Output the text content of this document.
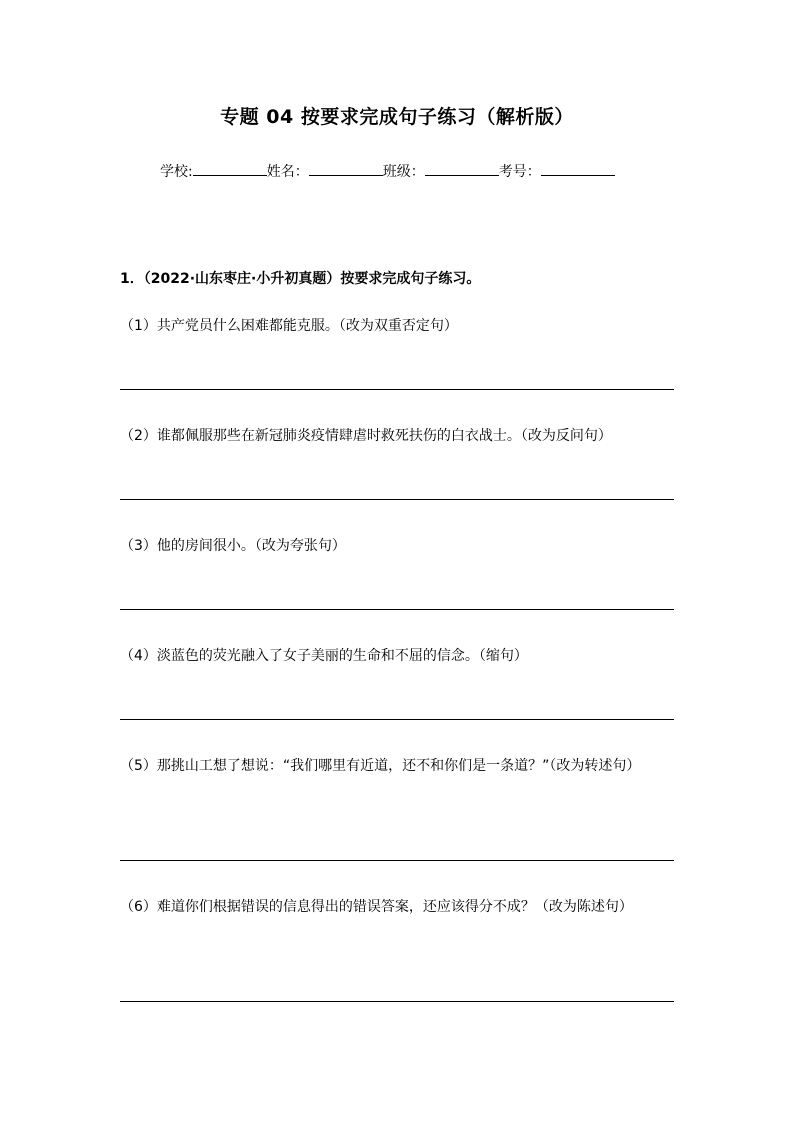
专题 04 按要求完成句子练习（解析版）
学校:	姓名：	班级：	考号：
1．（2022·山东枣庄·小升初真题）按要求完成句子练习。
（1）共产党员什么困难都能克服。（改为双重否定句）
（2）谁都佩服那些在新冠肺炎疫情肆虐时救死扶伤的白衣战士。（改为反问句）
（3）他的房间很小。（改为夸张句）
（4）淡蓝色的荧光融入了女子美丽的生命和不屈的信念。（缩句）
（5）那挑山工想了想说：“我们哪里有近道，还不和你们是一条道？”（改为转述句）
（6）难道你们根据错误的信息得出的错误答案，还应该得分不成？（改为陈述句）
